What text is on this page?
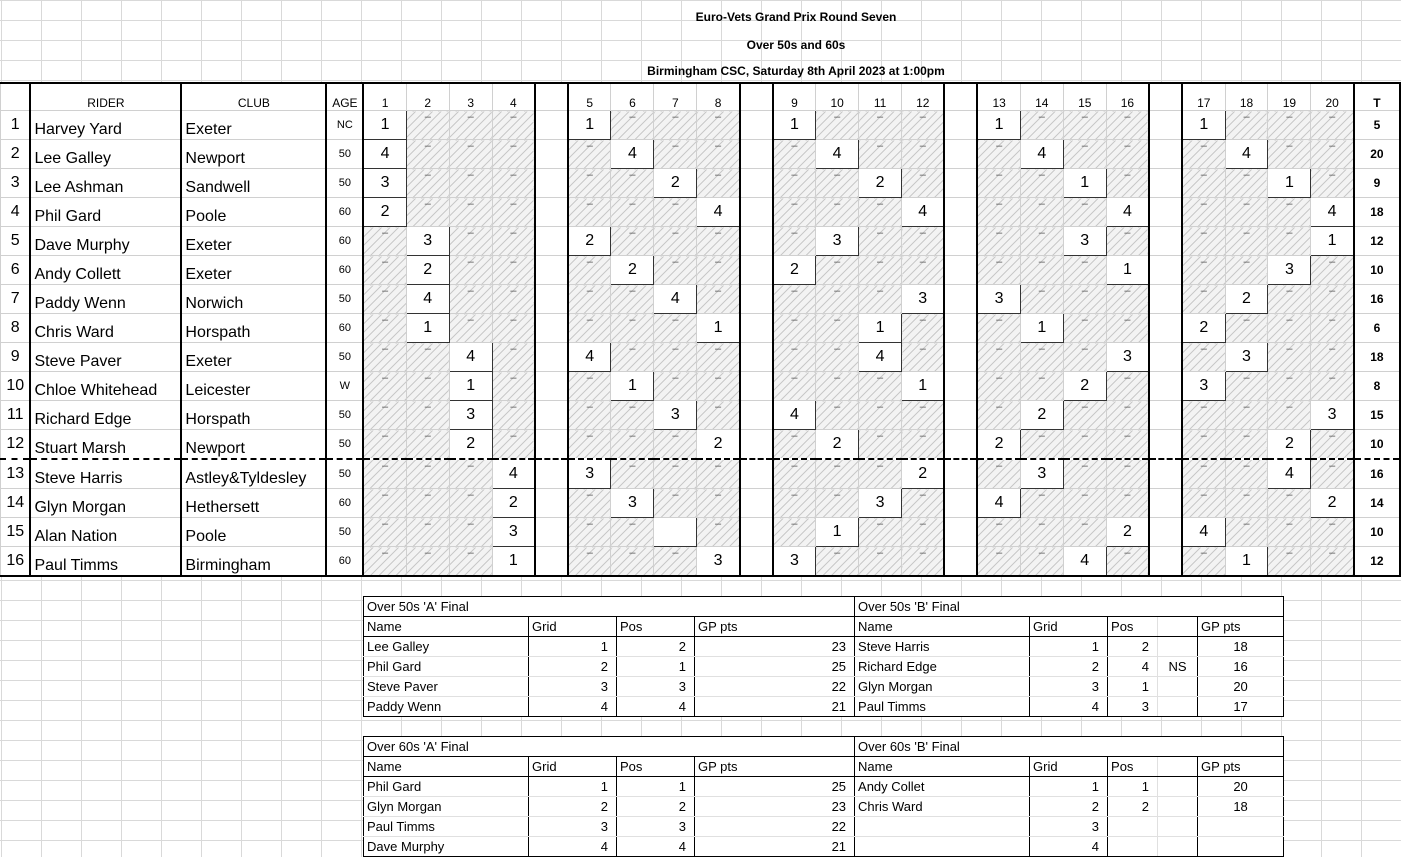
Euro-Vets Grand Prix Round Seven
Over 50s and 60s
Birmingham CSC, Saturday 8th April 2023 at 1:00pm
	RIDER	CLUB	AGE	1	2	3	4		5	6	7	8		9	10	11	12		13	14	15	16		17	18	19	20	T
1	Harvey Yard	Exeter	NC	1	–	–	–		1	–	–	–		1	–	–	–		1	–	–	–		1	–	–	–	5
2	Lee Galley	Newport	50	4	–	–	–		–	4	–	–		–	4	–	–		–	4	–	–		–	4	–	–	20
3	Lee Ashman	Sandwell	50	3	–	–	–		–	–	2	–		–	–	2	–		–	–	1	–		–	–	1	–	9
4	Phil Gard	Poole	60	2	–	–	–		–	–	–	4		–	–	–	4		–	–	–	4		–	–	–	4	18
5	Dave Murphy	Exeter	60	–	3	–	–		2	–	–	–		–	3	–	–		–	–	3	–		–	–	–	1	12
6	Andy Collett	Exeter	60	–	2	–	–		–	2	–	–		2	–	–	–		–	–	–	1		–	–	3	–	10
7	Paddy Wenn	Norwich	50	–	4	–	–		–	–	4	–		–	–	–	3		3	–	–	–		–	2	–	–	16
8	Chris Ward	Horspath	60	–	1	–	–		–	–	–	1		–	–	1	–		–	1	–	–		2	–	–	–	6
9	Steve Paver	Exeter	50	–	–	4	–		4	–	–	–		–	–	4	–		–	–	–	3		–	3	–	–	18
10	Chloe Whitehead	Leicester	W	–	–	1	–		–	1	–	–		–	–	–	1		–	–	2	–		3	–	–	–	8
11	Richard Edge	Horspath	50	–	–	3	–		–	–	3	–		4	–	–	–		–	2	–	–		–	–	–	3	15
12	Stuart Marsh	Newport	50	–	–	2	–		–	–	–	2		–	2	–	–		2	–	–	–		–	–	2	–	10
13	Steve Harris	Astley&Tyldesley	50	–	–	–	4		3	–	–	–		–	–	–	2		–	3	–	–		–	–	4	–	16
14	Glyn Morgan	Hethersett	60	–	–	–	2		–	3	–	–		–	–	3	–		4	–	–	–		–	–	–	2	14
15	Alan Nation	Poole	50	–	–	–	3		–	–		–		–	1	–	–		–	–	–	2		4	–	–	–	10
16	Paul Timms	Birmingham	60	–	–	–	1		–	–	–	3		3	–	–	–		–	–	4	–		–	1	–	–	12
Over 50s 'A' Final				Over 50s 'B' Final				
Name	Grid	Pos	GP pts	Name	Grid	Pos		GP pts
Lee Galley	1	2	23	Steve Harris	1	2		18
Phil Gard	2	1	25	Richard Edge	2	4	NS	16
Steve Paver	3	3	22	Glyn Morgan	3	1		20
Paddy Wenn	4	4	21	Paul Timms	4	3		17
Over 60s 'A' Final				Over 60s 'B' Final				
Name	Grid	Pos	GP pts	Name	Grid	Pos		GP pts
Phil Gard	1	1	25	Andy Collet	1	1		20
Glyn Morgan	2	2	23	Chris Ward	2	2		18
Paul Timms	3	3	22		3			
Dave Murphy	4	4	21		4			
